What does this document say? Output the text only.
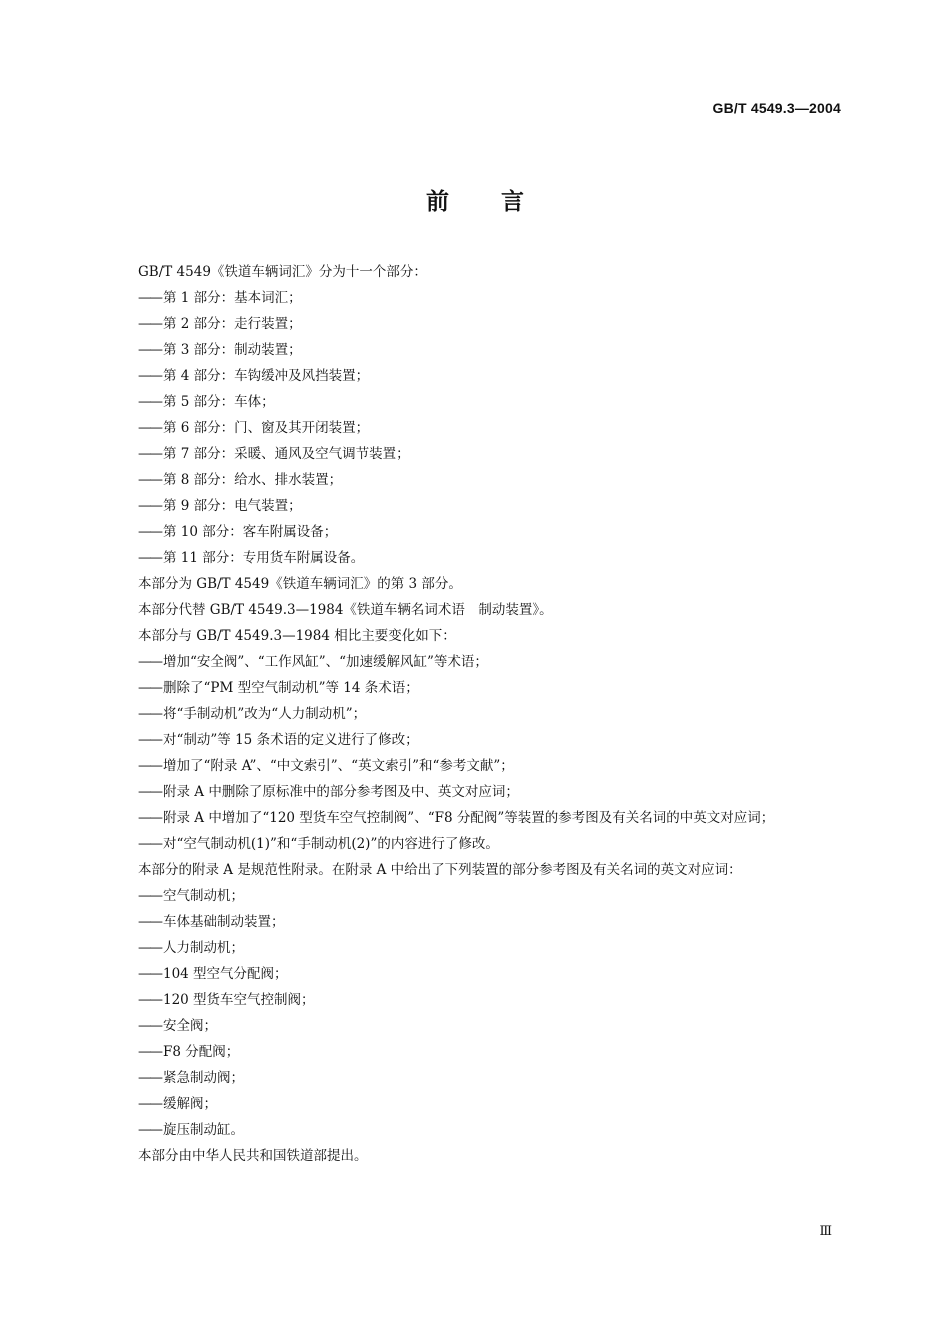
GB/T 4549.3—2004
前言

GB/T 4549《铁道车辆词汇》分为十一个部分：

—— 第 1 部分：基本词汇；

—— 第 2 部分：走行装置；

—— 第 3 部分：制动装置；

—— 第 4 部分：车钩缓冲及风挡装置；

—— 第 5 部分：车体；

—— 第 6 部分：门、窗及其开闭装置；

—— 第 7 部分：采暖、通风及空气调节装置；

—— 第 8 部分：给水、排水装置；

—— 第 9 部分：电气装置；

—— 第 10 部分：客车附属设备；

—— 第 11 部分：专用货车附属设备。

本部分为 GB/T 4549《铁道车辆词汇》的第 3 部分。

本部分代替 GB/T 4549.3—1984《铁道车辆名词术语　制动装置》。

本部分与 GB/T 4549.3—1984 相比主要变化如下：

—— 增加“安全阀”、“工作风缸”、“加速缓解风缸”等术语；

—— 删除了“PM 型空气制动机”等 14 条术语；

—— 将“手制动机”改为“人力制动机”；

—— 对“制动”等 15 条术语的定义进行了修改；

—— 增加了“附录 A”、“中文索引”、“英文索引”和“参考文献”；

—— 附录 A 中删除了原标准中的部分参考图及中、英文对应词；

—— 附录 A 中增加了“120 型货车空气控制阀”、“F8 分配阀”等装置的参考图及有关名词的中英文对应词；

—— 对“空气制动机(1)”和“手制动机(2)”的内容进行了修改。

本部分的附录 A 是规范性附录。在附录 A 中给出了下列装置的部分参考图及有关名词的英文对应词：

—— 空气制动机；

—— 车体基础制动装置；

—— 人力制动机；

—— 104 型空气分配阀；

—— 120 型货车空气控制阀；

—— 安全阀；

—— F8 分配阀；

—— 紧急制动阀；

—— 缓解阀；

—— 旋压制动缸。

本部分由中华人民共和国铁道部提出。

Ⅲ
